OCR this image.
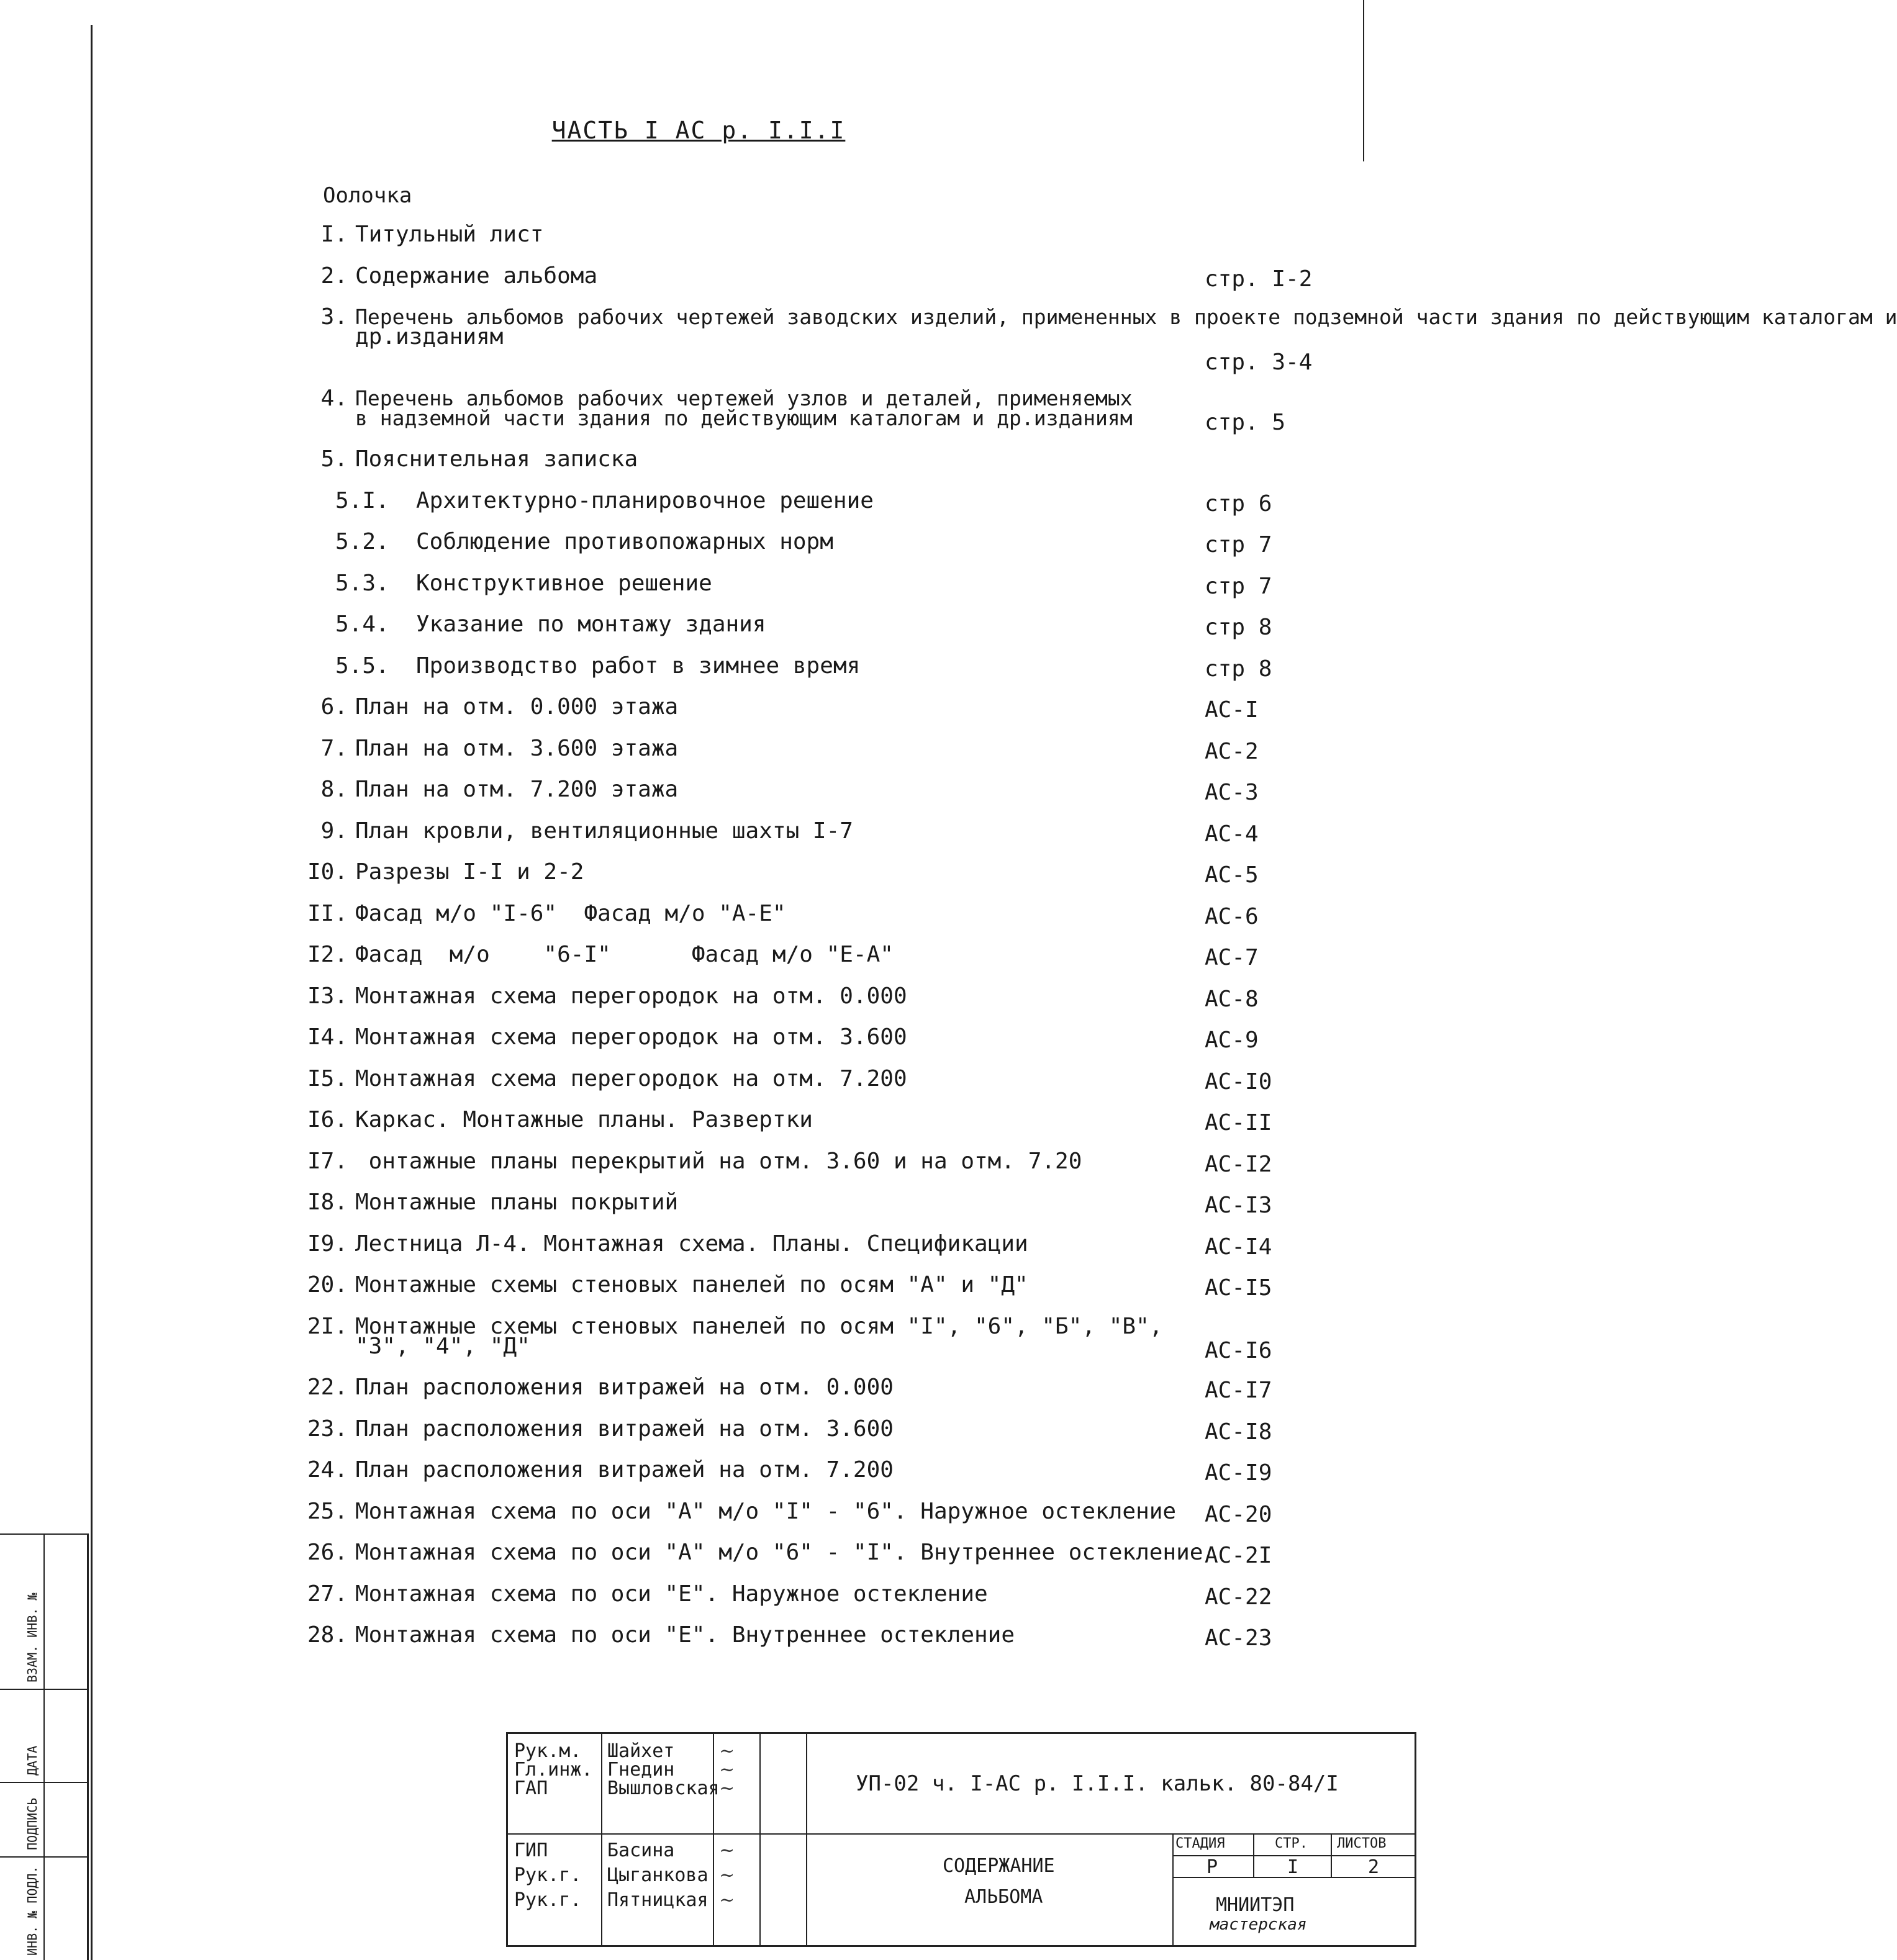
ЧАСТЬ I АС р. I.I.I
Оолочка
I. Титульный лист
2. Содержание альбома	стр. I-2
3. Перечень альбомов рабочих чертежей заводских изделий, примененных в проекте подземной части здания по действующим каталогам и
др.изданиям
стр. 3-4
4. Перечень альбомов рабочих чертежей узлов и деталей, применяемых
в надземной части здания по действующим каталогам и др.изданиям	стр. 5
5. Пояснительная записка
5.I.	Архитектурно-планировочное решение	стр 6
5.2.	Соблюдение противопожарных норм	стр 7
5.3.	Конструктивное решение	стр 7
5.4.	Указание по монтажу здания	стр 8
5.5.	Производство работ в зимнее время	стр 8
6. План на отм. 0.000 этажа	АС-I
7. План на отм. 3.600 этажа	АС-2
8. План на отм. 7.200 этажа	АС-3
9. План кровли, вентиляционные шахты I-7	АС-4
I0. Разрезы I-I и 2-2	АС-5
II. Фасад м/о "I-6"  Фасад м/о "А-Е"	АС-6
I2. Фасад  м/о    "6-I"      Фасад м/о "Е-А"	АС-7
I3. Монтажная схема перегородок на отм. 0.000	АС-8
I4. Монтажная схема перегородок на отм. 3.600	АС-9
I5. Монтажная схема перегородок на отм. 7.200	АС-I0
I6. Каркас. Монтажные планы. Развертки	АС-II
I7. онтажные планы перекрытий на отм. 3.60 и на отм. 7.20	АС-I2
I8. Монтажные планы покрытий	АС-I3
I9. Лестница Л-4. Монтажная схема. Планы. Спецификации	АС-I4
20. Монтажные схемы стеновых панелей по осям "А" и "Д"	АС-I5
2I. Монтажные схемы стеновых панелей по осям "I", "6", "Б", "В",
"3", "4", "Д"	АС-I6
22. План расположения витражей на отм. 0.000	АС-I7
23. План расположения витражей на отм. 3.600	АС-I8
24. План расположения витражей на отм. 7.200	АС-I9
25. Монтажная схема по оси "А" м/о "I" - "6". Наружное остекление АС-20
26. Монтажная схема по оси "А" м/о "6" - "I". Внутреннее остекление АС-2I
27. Монтажная схема по оси "Е". Наружное остекление	АС-22
28. Монтажная схема по оси "Е". Внутреннее остекление	АС-23
Рук.м. Шайхет ~
Гл.инж. Гнедин ~
ГАП	Вышловская ~
ГИП	Басина ~
Рук.г. Цыганкова ~
Рук.г. Пятницкая ~
УП-02 ч. I-АС р. I.I.I. кальк. 80-84/I
СОДЕРЖАНИЕ
АЛЬБОМА
СТАДИЯ	СТР. ЛИСТОВ
Р	I	2
МНИИТЭП
мастерская
ИНВ. № ПОДЛ.
ПОДПИСЬ
ДАТА
ВЗАМ. ИНВ. №
